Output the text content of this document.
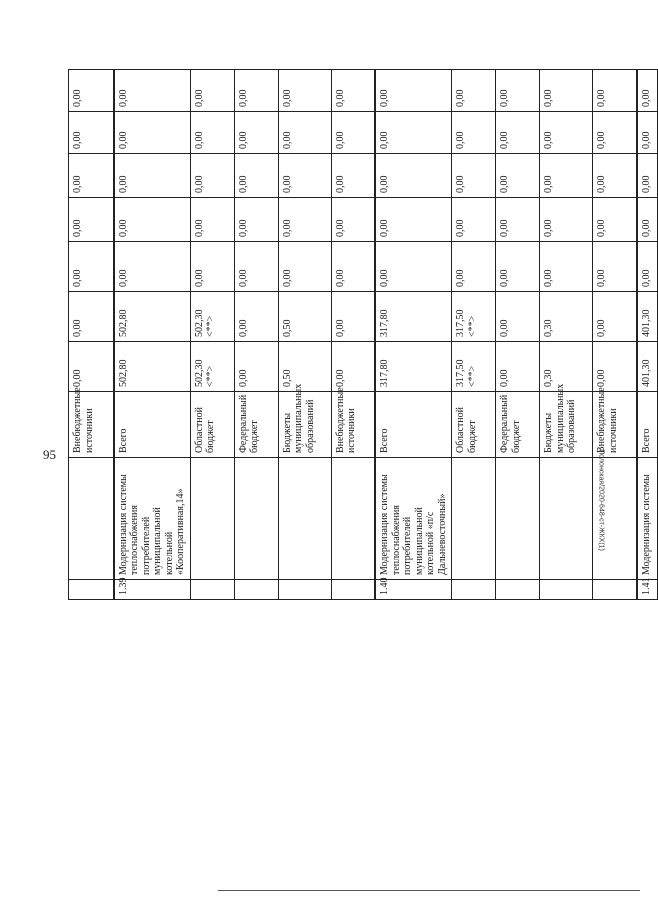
95	Полонская/2020-648-ст-ЖКХ(1)
		Внебюджетные источники	0,00	0,00	0,00	0,00	0,00	0,00	0,00
1.39	Модернизация системы теплоснабжения потребителей муниципальной котельной «Кооперативная,14»	Всего	502,80	502,80	0,00	0,00	0,00	0,00	0,00
		Областной бюджет	502,30 <**>	502,30 <**>	0,00	0,00	0,00	0,00	0,00
		Федеральный бюджет	0,00	0,00	0,00	0,00	0,00	0,00	0,00
		Бюджеты муниципальных образований	0,50	0,50	0,00	0,00	0,00	0,00	0,00
		Внебюджетные источники	0,00	0,00	0,00	0,00	0,00	0,00	0,00
1.40	Модернизация системы теплоснабжения потребителей муниципальной котельной «п/с Дальневосточный»	Всего	317,80	317,80	0,00	0,00	0,00	0,00	0,00
		Областной бюджет	317,50 <**>	317,50 <**>	0,00	0,00	0,00	0,00	0,00
		Федеральный бюджет	0,00	0,00	0,00	0,00	0,00	0,00	0,00
		Бюджеты муниципальных образований	0,30	0,30	0,00	0,00	0,00	0,00	0,00
		Внебюджетные источники	0,00	0,00	0,00	0,00	0,00	0,00	0,00
1.41	Модернизация системы	Всего	401,30	401,30	0,00	0,00	0,00	0,00	0,00
